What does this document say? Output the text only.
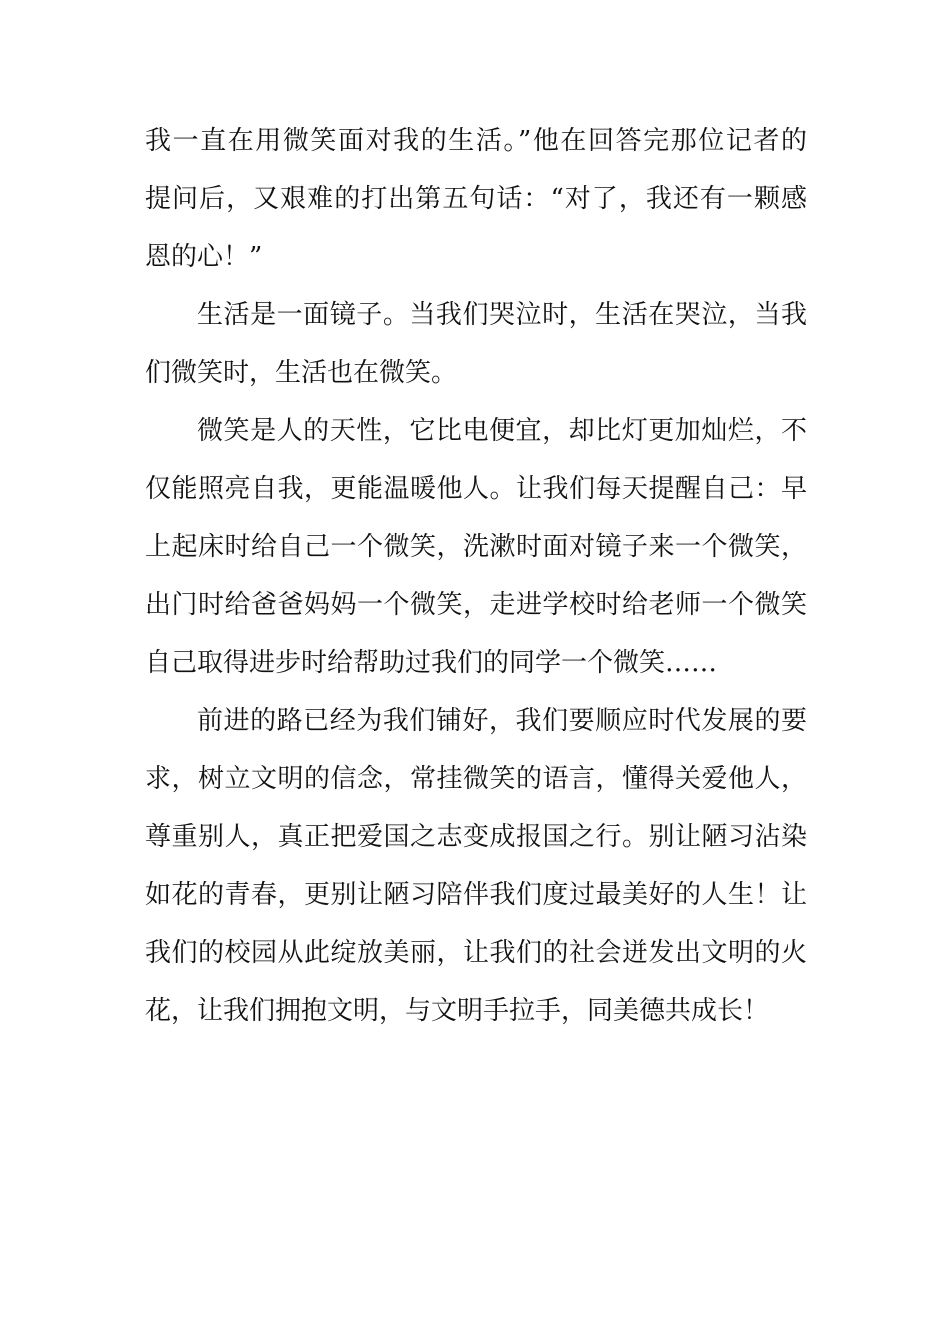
我一直在用微笑面对我的生活。”他在回答完那位记者的
提问后，又艰难的打出第五句话：“对了，我还有一颗感
恩的心！”
生活是一面镜子。当我们哭泣时，生活在哭泣，当我
们微笑时，生活也在微笑。
微笑是人的天性，它比电便宜，却比灯更加灿烂，不
仅能照亮自我，更能温暖他人。让我们每天提醒自己：早
上起床时给自己一个微笑，洗漱时面对镜子来一个微笑，
出门时给爸爸妈妈一个微笑，走进学校时给老师一个微笑
自己取得进步时给帮助过我们的同学一个微笑……
前进的路已经为我们铺好，我们要顺应时代发展的要
求，树立文明的信念，常挂微笑的语言，懂得关爱他人，
尊重别人，真正把爱国之志变成报国之行。别让陋习沾染
如花的青春，更别让陋习陪伴我们度过最美好的人生！让
我们的校园从此绽放美丽，让我们的社会迸发出文明的火
花，让我们拥抱文明，与文明手拉手，同美德共成长！
